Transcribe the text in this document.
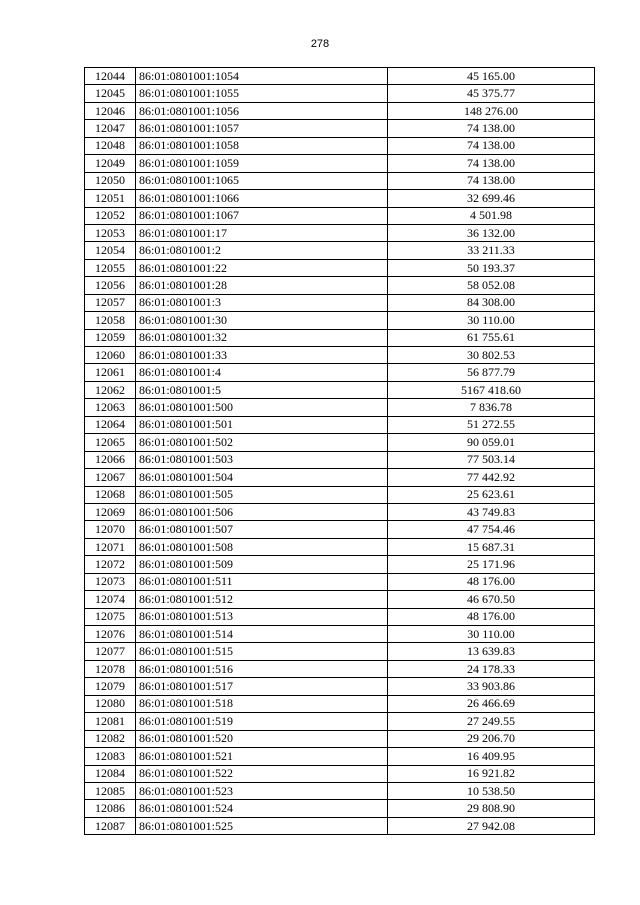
278
12044	86:01:0801001:1054	45 165.00
12045	86:01:0801001:1055	45 375.77
12046	86:01:0801001:1056	148 276.00
12047	86:01:0801001:1057	74 138.00
12048	86:01:0801001:1058	74 138.00
12049	86:01:0801001:1059	74 138.00
12050	86:01:0801001:1065	74 138.00
12051	86:01:0801001:1066	32 699.46
12052	86:01:0801001:1067	4 501.98
12053	86:01:0801001:17	36 132.00
12054	86:01:0801001:2	33 211.33
12055	86:01:0801001:22	50 193.37
12056	86:01:0801001:28	58 052.08
12057	86:01:0801001:3	84 308.00
12058	86:01:0801001:30	30 110.00
12059	86:01:0801001:32	61 755.61
12060	86:01:0801001:33	30 802.53
12061	86:01:0801001:4	56 877.79
12062	86:01:0801001:5	5167 418.60
12063	86:01:0801001:500	7 836.78
12064	86:01:0801001:501	51 272.55
12065	86:01:0801001:502	90 059.01
12066	86:01:0801001:503	77 503.14
12067	86:01:0801001:504	77 442.92
12068	86:01:0801001:505	25 623.61
12069	86:01:0801001:506	43 749.83
12070	86:01:0801001:507	47 754.46
12071	86:01:0801001:508	15 687.31
12072	86:01:0801001:509	25 171.96
12073	86:01:0801001:511	48 176.00
12074	86:01:0801001:512	46 670.50
12075	86:01:0801001:513	48 176.00
12076	86:01:0801001:514	30 110.00
12077	86:01:0801001:515	13 639.83
12078	86:01:0801001:516	24 178.33
12079	86:01:0801001:517	33 903.86
12080	86:01:0801001:518	26 466.69
12081	86:01:0801001:519	27 249.55
12082	86:01:0801001:520	29 206.70
12083	86:01:0801001:521	16 409.95
12084	86:01:0801001:522	16 921.82
12085	86:01:0801001:523	10 538.50
12086	86:01:0801001:524	29 808.90
12087	86:01:0801001:525	27 942.08
